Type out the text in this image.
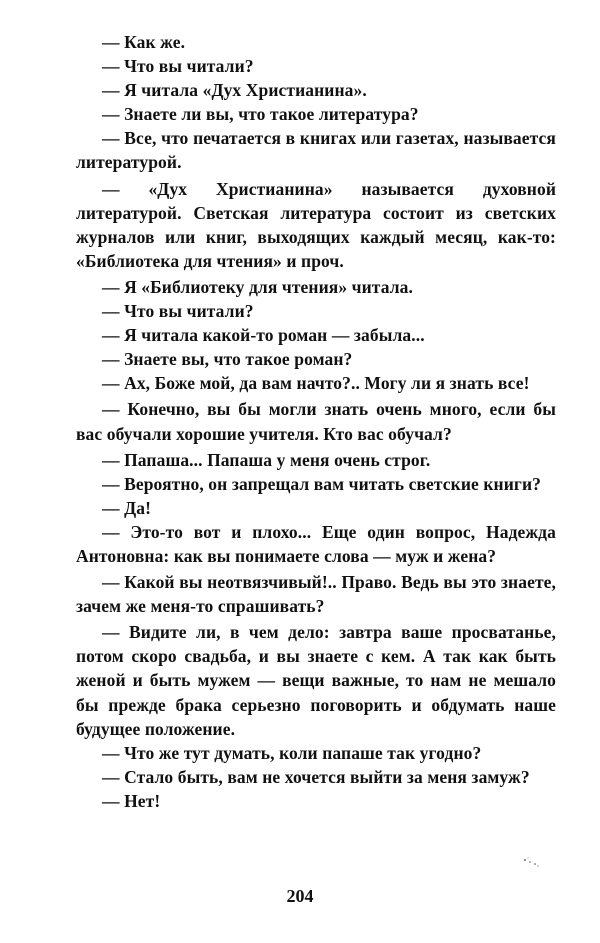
— Как же.

— Что вы читали?

— Я читала «Дух Христианина».

— Знаете ли вы, что такое литература?

— Все, что печатается в книгах или газетах, называется литературой.

— «Дух Христианина» называется духовной литературой. Светская литература состоит из светских журналов или книг, выходящих каждый месяц, как-то: «Библиотека для чтения» и проч.

— Я «Библиотеку для чтения» читала.

— Что вы читали?

— Я читала какой-то роман — забыла...

— Знаете вы, что такое роман?

— Ах, Боже мой, да вам начто?.. Могу ли я знать все!

— Конечно, вы бы могли знать очень много, если бы вас обучали хорошие учителя. Кто вас обучал?

— Папаша... Папаша у меня очень строг.

— Вероятно, он запрещал вам читать светские книги?

— Да!

— Это-то вот и плохо... Еще один вопрос, Надежда Антоновна: как вы понимаете слова — муж и жена?

— Какой вы неотвязчивый!.. Право. Ведь вы это знаете, зачем же меня-то спрашивать?

— Видите ли, в чем дело: завтра ваше просватанье, потом скоро свадьба, и вы знаете с кем. А так как быть женой и быть мужем — вещи важные, то нам не мешало бы прежде брака серьезно поговорить и обдумать наше будущее положение.

— Что же тут думать, коли папаше так угодно?

— Стало быть, вам не хочется выйти за меня замуж?

— Нет!

204
